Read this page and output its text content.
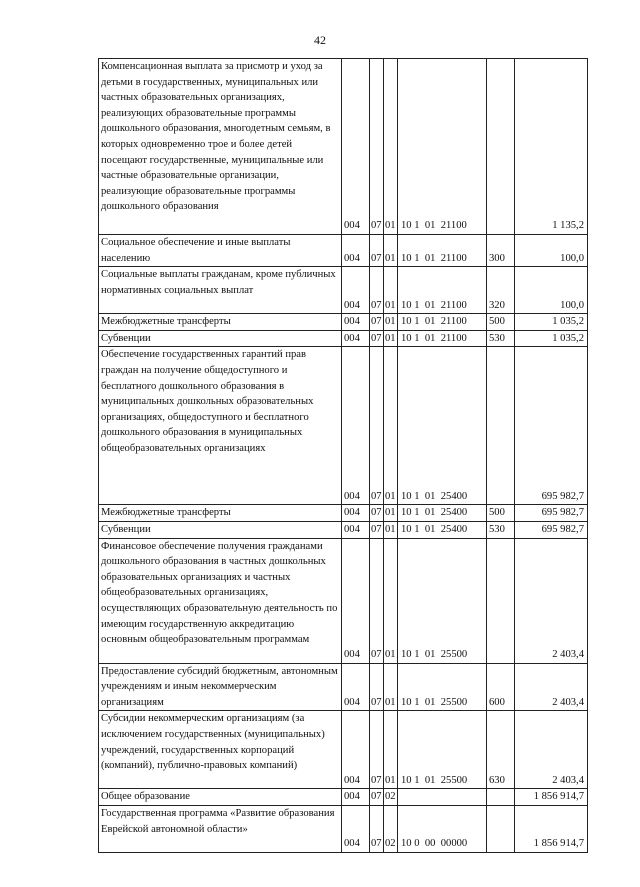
42
Компенсационная выплата за присмотр и уход за детьми в государственных, муниципальных или частных образовательных организациях, реализующих образовательные программы дошкольного образования, многодетным семьям, в которых одновременно трое и более детей посещают государственные, муниципальные или частные образовательные организации, реализующие образовательные программы дошкольного образования	004	07	01	10 1  01  21100		1 135,2
Социальное обеспечение и иные выплаты населению	004	07	01	10 1  01  21100	300	100,0
Социальные выплаты гражданам, кроме публичных нормативных социальных выплат	004	07	01	10 1  01  21100	320	100,0
Межбюджетные трансферты	004	07	01	10 1  01  21100	500	1 035,2
Субвенции	004	07	01	10 1  01  21100	530	1 035,2
Обеспечение государственных гарантий прав граждан на получение общедоступного и бесплатного дошкольного образования в муниципальных дошкольных образовательных организациях, общедоступного и бесплатного дошкольного образования в муниципальных общеобразовательных организациях	004	07	01	10 1  01  25400		695 982,7
Межбюджетные трансферты	004	07	01	10 1  01  25400	500	695 982,7
Субвенции	004	07	01	10 1  01  25400	530	695 982,7
Финансовое обеспечение получения гражданами дошкольного образования в частных дошкольных образовательных организациях и частных общеобразовательных организациях, осуществляющих образовательную деятельность по имеющим государственную аккредитацию основным общеобразовательным программам	004	07	01	10 1  01  25500		2 403,4
Предоставление субсидий бюджетным, автономным учреждениям и иным некоммерческим организациям	004	07	01	10 1  01  25500	600	2 403,4
Субсидии некоммерческим организациям (за исключением государственных (муниципальных) учреждений, государственных корпораций (компаний), публично-правовых компаний)	004	07	01	10 1  01  25500	630	2 403,4
Общее образование	004	07	02			1 856 914,7
Государственная программа «Развитие образования Еврейской автономной области»	004	07	02	10 0  00  00000		1 856 914,7
